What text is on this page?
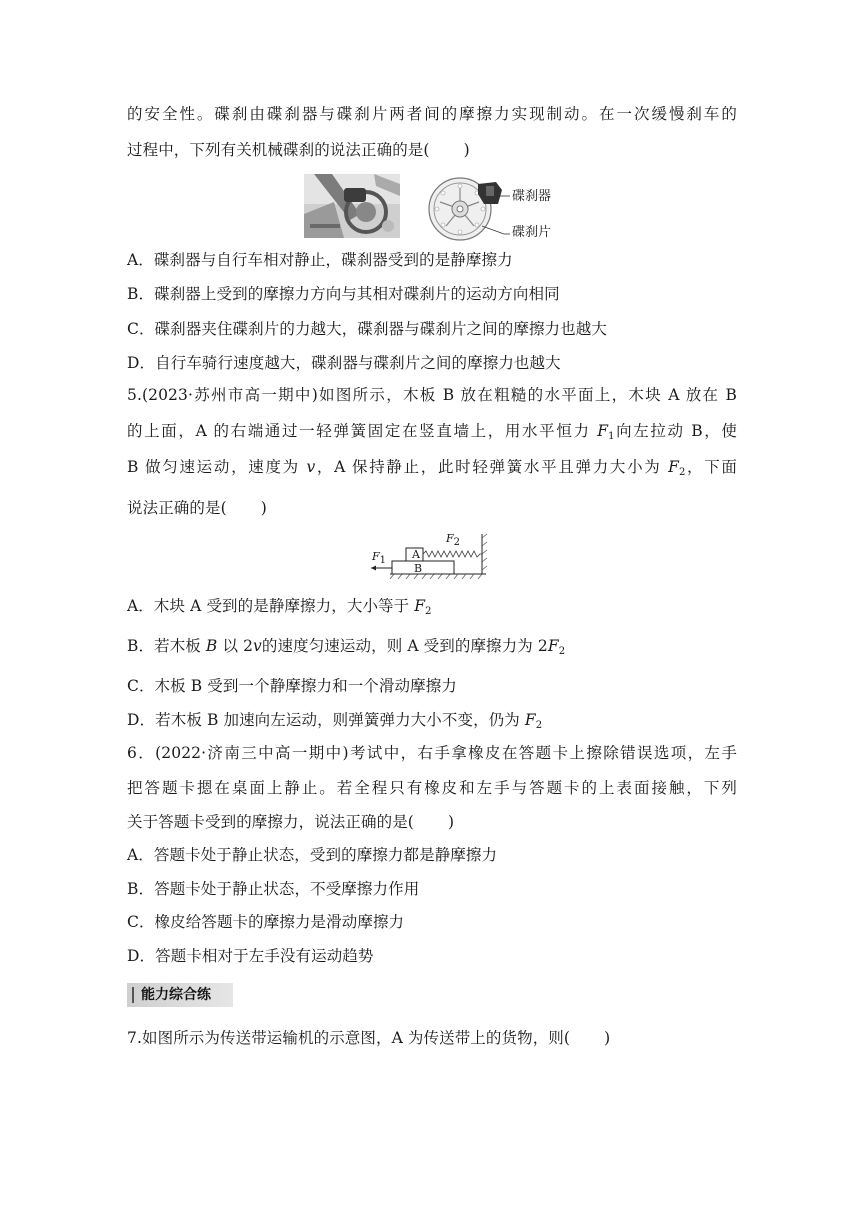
的安全性。碟刹由碟刹器与碟刹片两者间的摩擦力实现制动。在一次缓慢刹车的
过程中，下列有关机械碟刹的说法正确的是( )
碟刹器
碟刹片
A．碟刹器与自行车相对静止，碟刹器受到的是静摩擦力
B．碟刹器上受到的摩擦力方向与其相对碟刹片的运动方向相同
C．碟刹器夹住碟刹片的力越大，碟刹器与碟刹片之间的摩擦力也越大
D．自行车骑行速度越大，碟刹器与碟刹片之间的摩擦力也越大
5.(2023·苏州市高一期中)如图所示，木板 B 放在粗糙的水平面上，木块 A 放在 B
的上面，A 的右端通过一轻弹簧固定在竖直墙上，用水平恒力 $F_1$向左拉动 B，使
B 做匀速运动，速度为 v，A 保持静止，此时轻弹簧水平且弹力大小为 $F_2$，下面
说法正确的是( )
$F_1$
$F_2$
A
B
A．木块 A 受到的是静摩擦力，大小等于 $F_2$
B．若木板 B 以 2v的速度匀速运动，则 A 受到的摩擦力为 $2F_2$
C．木板 B 受到一个静摩擦力和一个滑动摩擦力
D．若木板 B 加速向左运动，则弹簧弹力大小不变，仍为 $F_2$
6．(2022·济南三中高一期中)考试中，右手拿橡皮在答题卡上擦除错误选项，左手
把答题卡摁在桌面上静止。若全程只有橡皮和左手与答题卡的上表面接触，下列
关于答题卡受到的摩擦力，说法正确的是( )
A．答题卡处于静止状态，受到的摩擦力都是静摩擦力
B．答题卡处于静止状态，不受摩擦力作用
C．橡皮给答题卡的摩擦力是滑动摩擦力
D．答题卡相对于左手没有运动趋势
能力综合练
7.如图所示为传送带运输机的示意图，A 为传送带上的货物，则( )
